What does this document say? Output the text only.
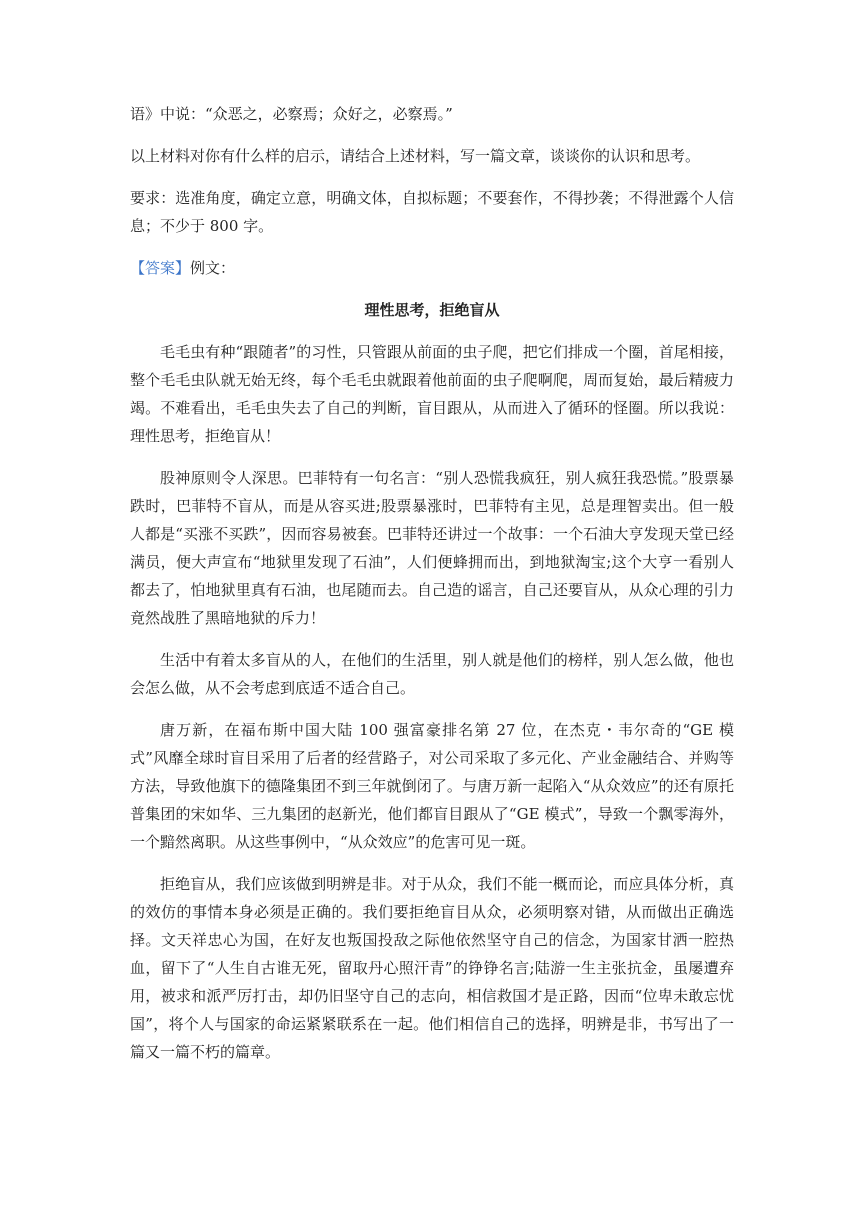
语》中说：“众恶之，必察焉；众好之，必察焉。”

以上材料对你有什么样的启示，请结合上述材料，写一篇文章，谈谈你的认识和思考。

要求：选准角度，确定立意，明确文体，自拟标题；不要套作，不得抄袭；不得泄露个人信息；不少于 800 字。

【答案】例文：

理性思考，拒绝盲从

毛毛虫有种“跟随者”的习性，只管跟从前面的虫子爬，把它们排成一个圈，首尾相接，整个毛毛虫队就无始无终，每个毛毛虫就跟着他前面的虫子爬啊爬，周而复始，最后精疲力竭。不难看出，毛毛虫失去了自己的判断，盲目跟从，从而进入了循环的怪圈。所以我说：理性思考，拒绝盲从！

股神原则令人深思。巴菲特有一句名言：“别人恐慌我疯狂，别人疯狂我恐慌。”股票暴跌时，巴菲特不盲从，而是从容买进;股票暴涨时，巴菲特有主见，总是理智卖出。但一般人都是“买涨不买跌”，因而容易被套。巴菲特还讲过一个故事：一个石油大亨发现天堂已经满员，便大声宣布“地狱里发现了石油”，人们便蜂拥而出，到地狱淘宝;这个大亨一看别人都去了，怕地狱里真有石油，也尾随而去。自己造的谣言，自己还要盲从，从众心理的引力竟然战胜了黑暗地狱的斥力！

生活中有着太多盲从的人，在他们的生活里，别人就是他们的榜样，别人怎么做，他也会怎么做，从不会考虑到底适不适合自己。

唐万新，在福布斯中国大陆 100 强富豪排名第 27 位，在杰克・韦尔奇的“GE 模式”风靡全球时盲目采用了后者的经营路子，对公司采取了多元化、产业金融结合、并购等方法，导致他旗下的德隆集团不到三年就倒闭了。与唐万新一起陷入“从众效应”的还有原托普集团的宋如华、三九集团的赵新光，他们都盲目跟从了“GE 模式”，导致一个飘零海外，一个黯然离职。从这些事例中，“从众效应”的危害可见一斑。

拒绝盲从，我们应该做到明辨是非。对于从众，我们不能一概而论，而应具体分析，真的效仿的事情本身必须是正确的。我们要拒绝盲目从众，必须明察对错，从而做出正确选择。文天祥忠心为国，在好友也叛国投敌之际他依然坚守自己的信念，为国家甘洒一腔热血，留下了“人生自古谁无死，留取丹心照汗青”的铮铮名言;陆游一生主张抗金，虽屡遭弃用，被求和派严厉打击，却仍旧坚守自己的志向，相信救国才是正路，因而“位卑未敢忘忧国”，将个人与国家的命运紧紧联系在一起。他们相信自己的选择，明辨是非，书写出了一篇又一篇不朽的篇章。
